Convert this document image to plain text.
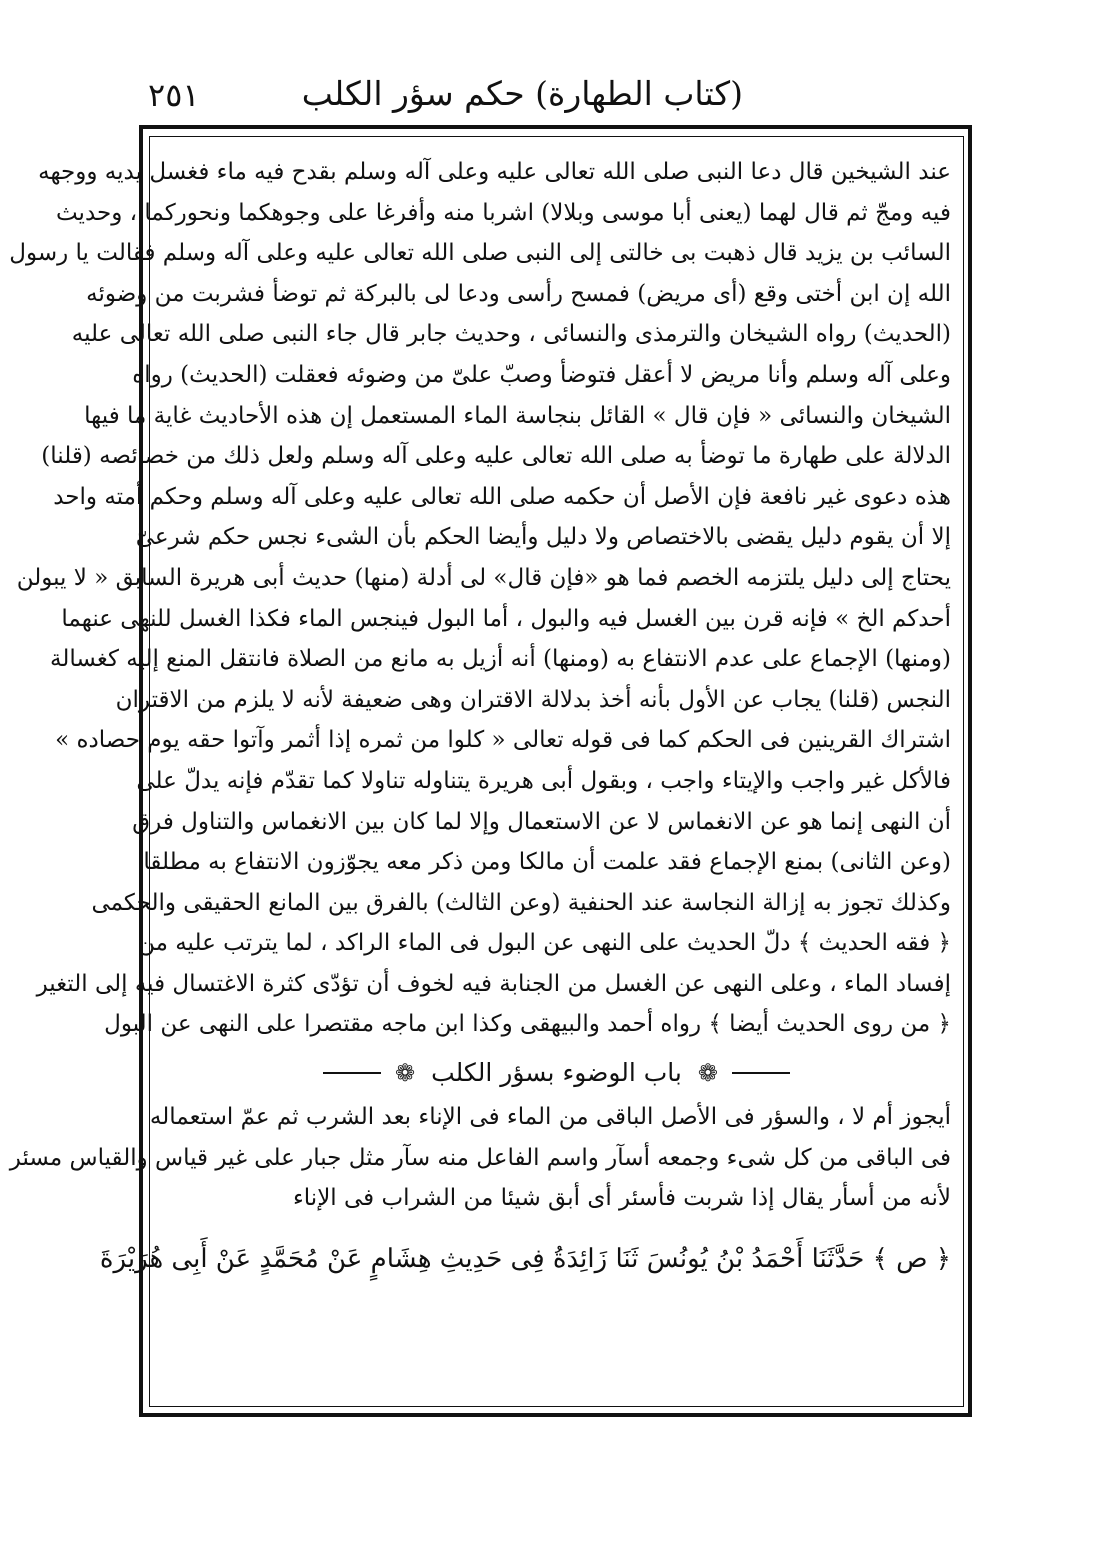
(كتاب الطهارة) حكم سؤر الكلب
٢٥١
عند الشيخين قال دعا النبى صلى الله تعالى عليه وعلى آله وسلم بقدح فيه ماء فغسل يديه ووجهه
فيه ومجّ ثم قال لهما (يعنى أبا موسى وبلالا) اشربا منه وأفرغا على وجوهكما ونحوركما ، وحديث
السائب بن يزيد قال ذهبت بى خالتى إلى النبى صلى الله تعالى عليه وعلى آله وسلم فقالت يا رسول
الله إن ابن أختى وقع (أى مريض) فمسح رأسى ودعا لى بالبركة ثم توضأ فشربت من وضوئه
(الحديث) رواه الشيخان والترمذى والنسائى ، وحديث جابر قال جاء النبى صلى الله تعالى عليه
وعلى آله وسلم وأنا مريض لا أعقل فتوضأ وصبّ علىّ من وضوئه فعقلت (الحديث) رواه
الشيخان والنسائى « فإن قال » القائل بنجاسة الماء المستعمل إن هذه الأحاديث غاية ما فيها
الدلالة على طهارة ما توضأ به صلى الله تعالى عليه وعلى آله وسلم ولعل ذلك من خصائصه (قلنا)
هذه دعوى غير نافعة فإن الأصل أن حكمه صلى الله تعالى عليه وعلى آله وسلم وحكم أمته واحد
إلا أن يقوم دليل يقضى بالاختصاص ولا دليل وأيضا الحكم بأن الشىء نجس حكم شرعىّ
يحتاج إلى دليل يلتزمه الخصم فما هو «فإن قال» لى أدلة (منها) حديث أبى هريرة السابق « لا يبولن
أحدكم الخ » فإنه قرن بين الغسل فيه والبول ، أما البول فينجس الماء فكذا الغسل للنهى عنهما
(ومنها) الإجماع على عدم الانتفاع به (ومنها) أنه أزيل به مانع من الصلاة فانتقل المنع إليه كغسالة
النجس (قلنا) يجاب عن الأول بأنه أخذ بدلالة الاقتران وهى ضعيفة لأنه لا يلزم من الاقتران
اشتراك القرينين فى الحكم كما فى قوله تعالى « كلوا من ثمره إذا أثمر وآتوا حقه يوم حصاده »
فالأكل غير واجب والإيتاء واجب ، وبقول أبى هريرة يتناوله تناولا كما تقدّم فإنه يدلّ على
أن النهى إنما هو عن الانغماس لا عن الاستعمال وإلا لما كان بين الانغماس والتناول فرق
(وعن الثانى) بمنع الإجماع فقد علمت أن مالكا ومن ذكر معه يجوّزون الانتفاع به مطلقا
وكذلك تجوز به إزالة النجاسة عند الحنفية (وعن الثالث) بالفرق بين المانع الحقيقى والحكمى
﴿ فقه الحديث ﴾ دلّ الحديث على النهى عن البول فى الماء الراكد ، لما يترتب عليه من
إفساد الماء ، وعلى النهى عن الغسل من الجنابة فيه لخوف أن تؤدّى كثرة الاغتسال فيه إلى التغير
﴿ من روى الحديث أيضا ﴾ رواه أحمد والبيهقى وكذا ابن ماجه مقتصرا على النهى عن البول
❁ باب الوضوء بسؤر الكلب ❁
أيجوز أم لا ، والسؤر فى الأصل الباقى من الماء فى الإناء بعد الشرب ثم عمّ استعماله
فى الباقى من كل شىء وجمعه أسآر واسم الفاعل منه سآر مثل جبار على غير قياس والقياس مسئر
لأنه من أسأر يقال إذا شربت فأسئر أى أبق شيئا من الشراب فى الإناء
﴿ ص ﴾ حَدَّثَنَا أَحْمَدُ بْنُ يُونُسَ ثَنَا زَائِدَةُ فِى حَدِيثِ هِشَامٍ عَنْ مُحَمَّدٍ عَنْ أَبِى هُرَيْرَةَ
